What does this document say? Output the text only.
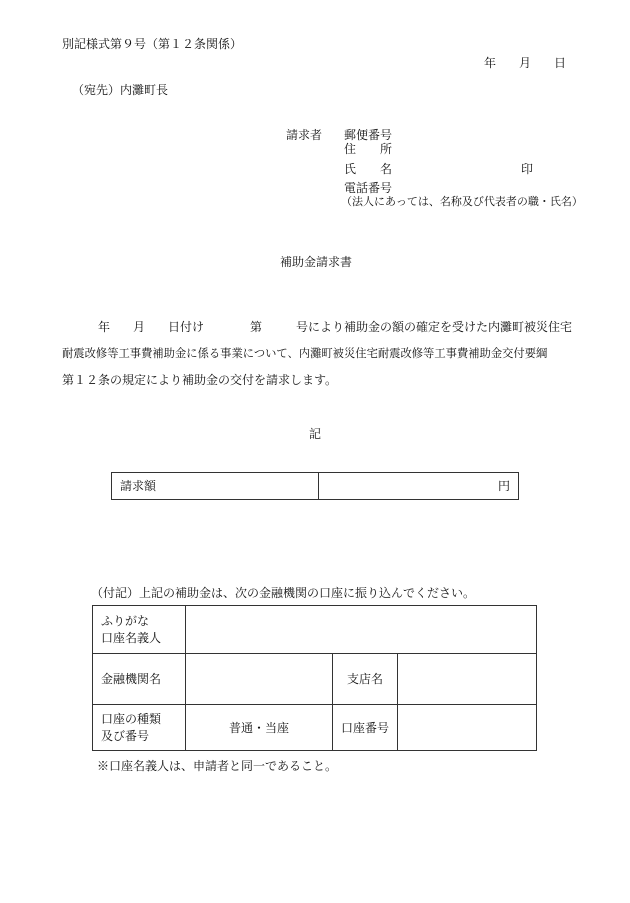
別記様式第９号（第１２条関係）
年 月 日
（宛先）内灘町長
請求者 郵便番号
住　　所
氏　　名	印
電話番号
（法人にあっては、名称及び代表者の職・氏名）
補助金請求書
年 月 日付け	第	号により補助金の額の確定を受けた内灘町被災住宅
耐震改修等工事費補助金に係る事業について、内灘町被災住宅耐震改修等工事費補助金交付要綱
第１２条の規定により補助金の交付を請求します。
記
請求額	円
（付記）上記の補助金は、次の金融機関の口座に振り込んでください。
ふりがな
口座名義人			

金融機関名		支店名	

口座の種類
及び番号	普通・当座	口座番号	
※口座名義人は、申請者と同一であること。
